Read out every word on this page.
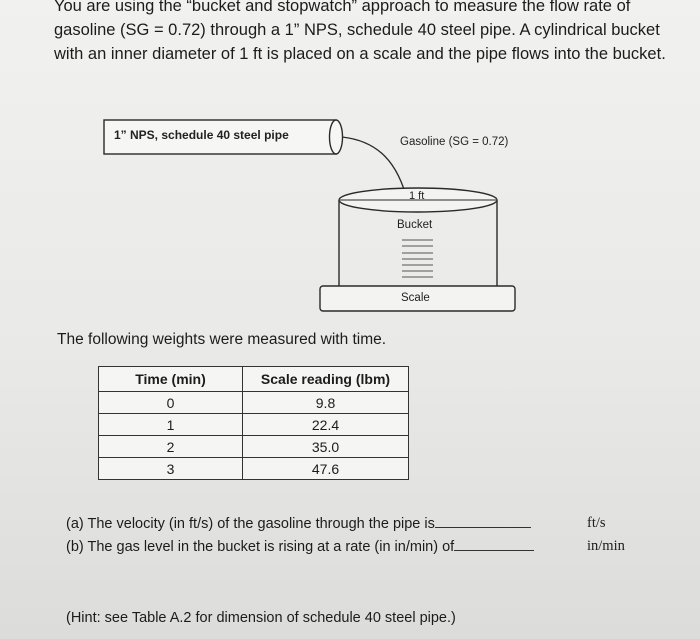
You are using the “bucket and stopwatch” approach to measure the flow rate of gasoline (SG = 0.72) through a 1” NPS, schedule 40 steel pipe. A cylindrical bucket with an inner diameter of 1 ft is placed on a scale and the pipe flows into the bucket.

1” NPS, schedule 40 steel pipe	Gasoline (SG = 0.72)
1 ft
Bucket
Scale
The following weights were measured with time.
Time (min)	Scale reading (lbm)
0	9.8
1	22.4
2	35.0
3	47.6
(a) The velocity (in ft/s) of the gasoline through the pipe is	ft/s
(b) The gas level in the bucket is rising at a rate (in in/min) of	in/min
(Hint: see Table A.2 for dimension of schedule 40 steel pipe.)
